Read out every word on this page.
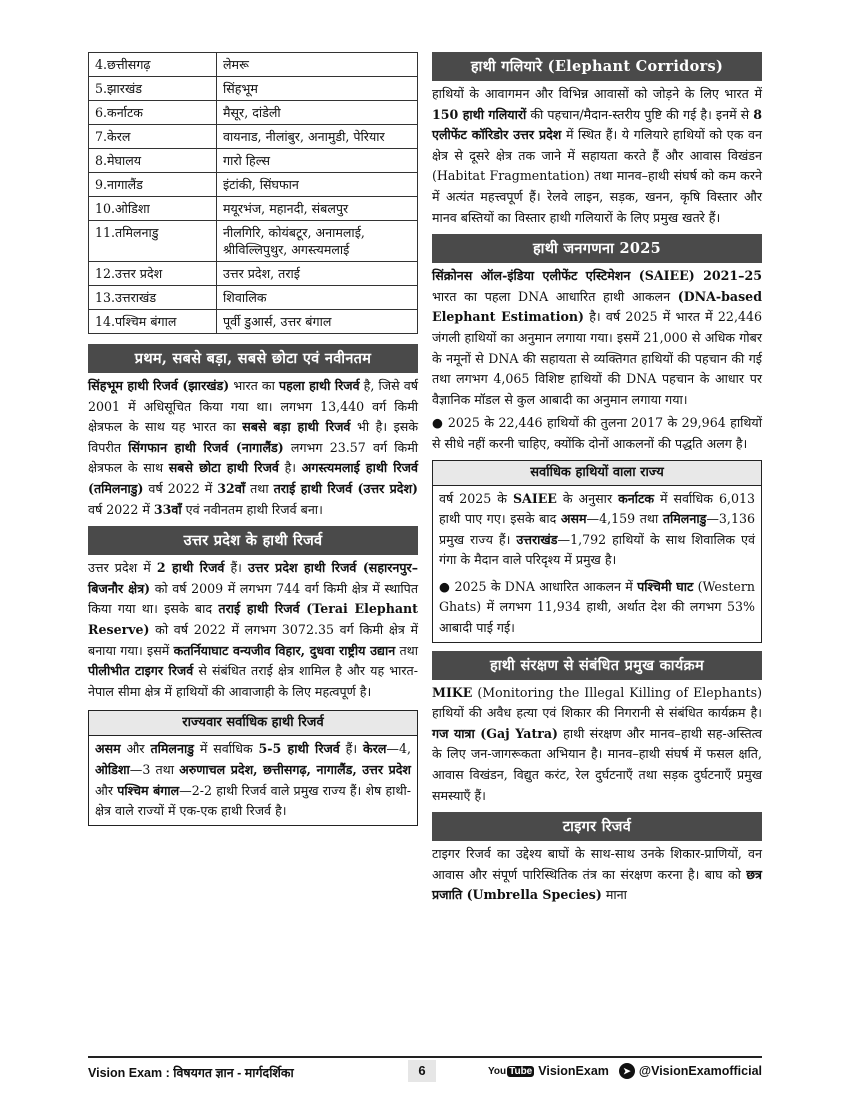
4.छत्तीसगढ़	लेमरू
5.झारखंड	सिंहभूम
6.कर्नाटक	मैसूर, दांडेली
7.केरल	वायनाड, नीलांबुर, अनामुडी, पेरियार
8.मेघालय	गारो हिल्स
9.नागालैंड	इंटांकी, सिंघफान
10.ओडिशा	मयूरभंज, महानदी, संबलपुर
11.तमिलनाडु	नीलगिरि, कोयंबटूर, अनामलाई, श्रीविल्लिपुथुर, अगस्त्यमलाई
12.उत्तर प्रदेश	उत्तर प्रदेश, तराई
13.उत्तराखंड	शिवालिक
14.पश्चिम बंगाल	पूर्वी डुआर्स, उत्तर बंगाल
प्रथम, सबसे बड़ा, सबसे छोटा एवं नवीनतम
सिंहभूम हाथी रिजर्व (झारखंड) भारत का पहला हाथी रिजर्व है, जिसे वर्ष 2001 में अधिसूचित किया गया था। लगभग 13,440 वर्ग किमी क्षेत्रफल के साथ यह भारत का सबसे बड़ा हाथी रिजर्व भी है। इसके विपरीत सिंगफान हाथी रिजर्व (नागालैंड) लगभग 23.57 वर्ग किमी क्षेत्रफल के साथ सबसे छोटा हाथी रिजर्व है। अगस्त्यमलाई हाथी रिजर्व (तमिलनाडु) वर्ष 2022 में 32वाँ तथा तराई हाथी रिजर्व (उत्तर प्रदेश) वर्ष 2022 में 33वाँ एवं नवीनतम हाथी रिजर्व बना।
उत्तर प्रदेश के हाथी रिजर्व
उत्तर प्रदेश में 2 हाथी रिजर्व हैं। उत्तर प्रदेश हाथी रिजर्व (सहारनपुर–बिजनौर क्षेत्र) को वर्ष 2009 में लगभग 744 वर्ग किमी क्षेत्र में स्थापित किया गया था। इसके बाद तराई हाथी रिजर्व (Terai Elephant Reserve) को वर्ष 2022 में लगभग 3072.35 वर्ग किमी क्षेत्र में बनाया गया। इसमें कतर्नियाघाट वन्यजीव विहार, दुधवा राष्ट्रीय उद्यान तथा पीलीभीत टाइगर रिजर्व से संबंधित तराई क्षेत्र शामिल है और यह भारत-नेपाल सीमा क्षेत्र में हाथियों की आवाजाही के लिए महत्वपूर्ण है।
राज्यवार सर्वाधिक हाथी रिजर्व
असम और तमिलनाडु में सर्वाधिक 5-5 हाथी रिजर्व हैं। केरल—4, ओडिशा—3 तथा अरुणाचल प्रदेश, छत्तीसगढ़, नागालैंड, उत्तर प्रदेश और पश्चिम बंगाल—2-2 हाथी रिजर्व वाले प्रमुख राज्य हैं। शेष हाथी-क्षेत्र वाले राज्यों में एक-एक हाथी रिजर्व है।
हाथी गलियारे (Elephant Corridors)
हाथियों के आवागमन और विभिन्न आवासों को जोड़ने के लिए भारत में 150 हाथी गलियारों की पहचान/मैदान-स्तरीय पुष्टि की गई है। इनमें से 8 एलीफेंट कॉरिडोर उत्तर प्रदेश में स्थित हैं। ये गलियारे हाथियों को एक वन क्षेत्र से दूसरे क्षेत्र तक जाने में सहायता करते हैं और आवास विखंडन (Habitat Fragmentation) तथा मानव–हाथी संघर्ष को कम करने में अत्यंत महत्त्वपूर्ण हैं। रेलवे लाइन, सड़क, खनन, कृषि विस्तार और मानव बस्तियों का विस्तार हाथी गलियारों के लिए प्रमुख खतरे हैं।
हाथी जनगणना 2025
सिंक्रोनस ऑल-इंडिया एलीफेंट एस्टिमेशन (SAIEE) 2021–25 भारत का पहला DNA आधारित हाथी आकलन (DNA-based Elephant Estimation) है। वर्ष 2025 में भारत में 22,446 जंगली हाथियों का अनुमान लगाया गया। इसमें 21,000 से अधिक गोबर के नमूनों से DNA की सहायता से व्यक्तिगत हाथियों की पहचान की गई तथा लगभग 4,065 विशिष्ट हाथियों की DNA पहचान के आधार पर वैज्ञानिक मॉडल से कुल आबादी का अनुमान लगाया गया।
● 2025 के 22,446 हाथियों की तुलना 2017 के 29,964 हाथियों से सीधे नहीं करनी चाहिए, क्योंकि दोनों आकलनों की पद्धति अलग है।
सर्वाधिक हाथियों वाला राज्य
वर्ष 2025 के SAIEE के अनुसार कर्नाटक में सर्वाधिक 6,013 हाथी पाए गए। इसके बाद असम—4,159 तथा तमिलनाडु—3,136 प्रमुख राज्य हैं। उत्तराखंड—1,792 हाथियों के साथ शिवालिक एवं गंगा के मैदान वाले परिदृश्य में प्रमुख है।
● 2025 के DNA आधारित आकलन में पश्चिमी घाट (Western Ghats) में लगभग 11,934 हाथी, अर्थात देश की लगभग 53% आबादी पाई गई।
हाथी संरक्षण से संबंधित प्रमुख कार्यक्रम
MIKE (Monitoring the Illegal Killing of Elephants) हाथियों की अवैध हत्या एवं शिकार की निगरानी से संबंधित कार्यक्रम है। गज यात्रा (Gaj Yatra) हाथी संरक्षण और मानव–हाथी सह-अस्तित्व के लिए जन-जागरूकता अभियान है। मानव–हाथी संघर्ष में फसल क्षति, आवास विखंडन, विद्युत करंट, रेल दुर्घटनाएँ तथा सड़क दुर्घटनाएँ प्रमुख समस्याएँ हैं।
टाइगर रिजर्व
टाइगर रिजर्व का उद्देश्य बाघों के साथ-साथ उनके शिकार-प्राणियों, वन आवास और संपूर्ण पारिस्थितिक तंत्र का संरक्षण करना है। बाघ को छत्र प्रजाति (Umbrella Species) माना
Vision Exam : विषयगत ज्ञान - मार्गदर्शिका	6	You Tube VisionExam	➤ @VisionExamofficial
